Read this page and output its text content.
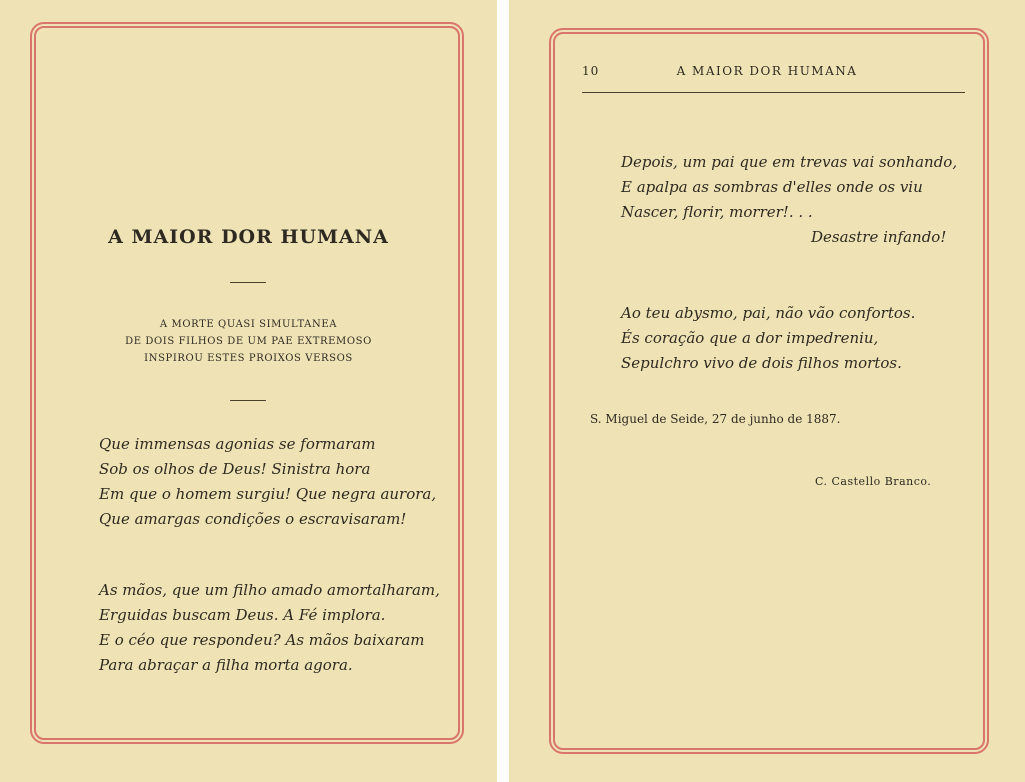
A MAIOR DOR HUMANA
A MORTE QUASI SIMULTANEA
DE DOIS FILHOS DE UM PAE EXTREMOSO
INSPIROU ESTES PROIXOS VERSOS
Que immensas agonias se formaram
Sob os olhos de Deus! Sinistra hora
Em que o homem surgiu! Que negra aurora,
Que amargas condições o escravisaram!
As mãos, que um filho amado amortalharam,
Erguidas buscam Deus. A Fé implora.
E o céo que respondeu? As mãos baixaram
Para abraçar a filha morta agora.
10	A MAIOR DOR HUMANA
Depois, um pai que em trevas vai sonhando,
E apalpa as sombras d'elles onde os viu
Nascer, florir, morrer!. . .
Desastre infando!
Ao teu abysmo, pai, não vão confortos.
És coração que a dor impedreniu,
Sepulchro vivo de dois filhos mortos.
S. Miguel de Seide, 27 de junho de 1887.
C. Castello Branco.
